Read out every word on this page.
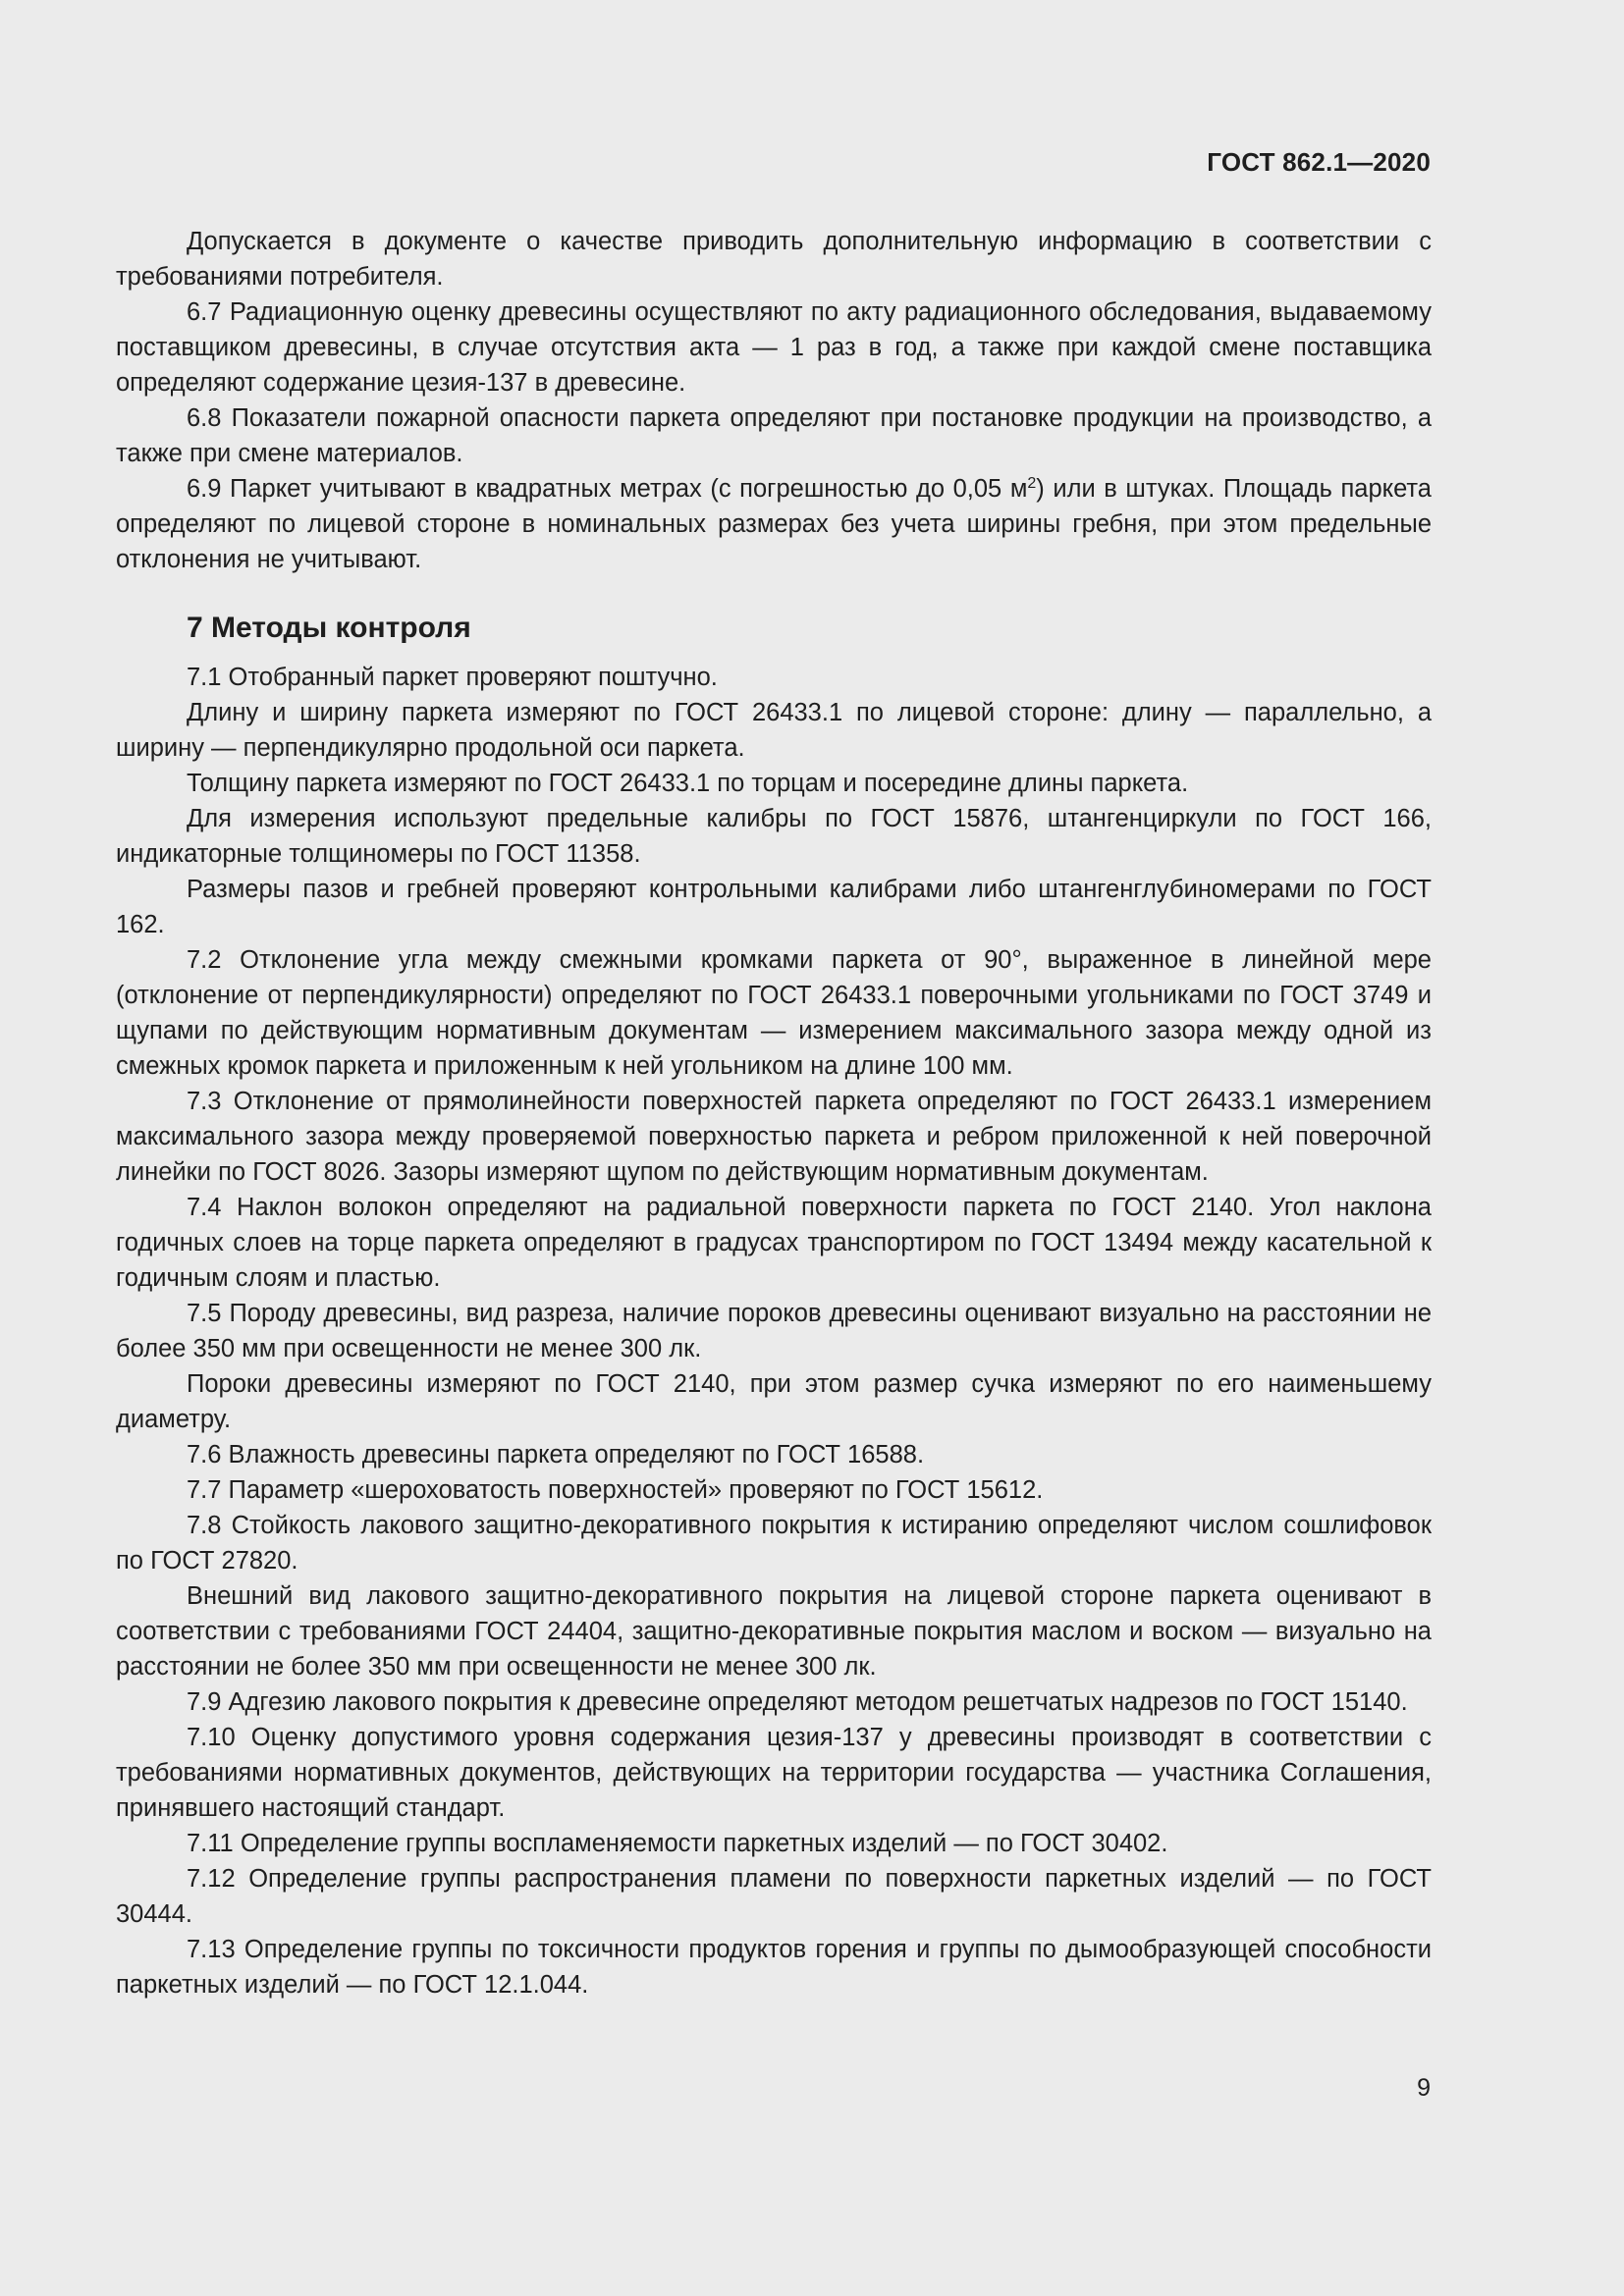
ГОСТ 862.1—2020

Допускается в документе о качестве приводить дополнительную информацию в соответствии с требованиями потребителя.

6.7 Радиационную оценку древесины осуществляют по акту радиационного обследования, выдаваемому поставщиком древесины, в случае отсутствия акта — 1 раз в год, а также при каждой смене поставщика определяют содержание цезия-137 в древесине.

6.8 Показатели пожарной опасности паркета определяют при постановке продукции на производство, а также при смене материалов.

6.9 Паркет учитывают в квадратных метрах (с погрешностью до 0,05 $м^2$) или в штуках. Площадь паркета определяют по лицевой стороне в номинальных размерах без учета ширины гребня, при этом предельные отклонения не учитывают.

7 Методы контроля

7.1 Отобранный паркет проверяют поштучно.

Длину и ширину паркета измеряют по ГОСТ 26433.1 по лицевой стороне: длину — параллельно, а ширину — перпендикулярно продольной оси паркета.

Толщину паркета измеряют по ГОСТ 26433.1 по торцам и посередине длины паркета.

Для измерения используют предельные калибры по ГОСТ 15876, штангенциркули по ГОСТ 166, индикаторные толщиномеры по ГОСТ 11358.

Размеры пазов и гребней проверяют контрольными калибрами либо штангенглубиномерами по ГОСТ 162.

7.2 Отклонение угла между смежными кромками паркета от 90°, выраженное в линейной мере (отклонение от перпендикулярности) определяют по ГОСТ 26433.1 поверочными угольниками по ГОСТ 3749 и щупами по действующим нормативным документам — измерением максимального зазора между одной из смежных кромок паркета и приложенным к ней угольником на длине 100 мм.

7.3 Отклонение от прямолинейности поверхностей паркета определяют по ГОСТ 26433.1 измерением максимального зазора между проверяемой поверхностью паркета и ребром приложенной к ней поверочной линейки по ГОСТ 8026. Зазоры измеряют щупом по действующим нормативным документам.

7.4 Наклон волокон определяют на радиальной поверхности паркета по ГОСТ 2140. Угол наклона годичных слоев на торце паркета определяют в градусах транспортиром по ГОСТ 13494 между касательной к годичным слоям и пластью.

7.5 Породу древесины, вид разреза, наличие пороков древесины оценивают визуально на расстоянии не более 350 мм при освещенности не менее 300 лк.

Пороки древесины измеряют по ГОСТ 2140, при этом размер сучка измеряют по его наименьшему диаметру.

7.6 Влажность древесины паркета определяют по ГОСТ 16588.

7.7 Параметр «шероховатость поверхностей» проверяют по ГОСТ 15612.

7.8 Стойкость лакового защитно-декоративного покрытия к истиранию определяют числом сошлифовок по ГОСТ 27820.

Внешний вид лакового защитно-декоративного покрытия на лицевой стороне паркета оценивают в соответствии с требованиями ГОСТ 24404, защитно-декоративные покрытия маслом и воском — визуально на расстоянии не более 350 мм при освещенности не менее 300 лк.

7.9 Адгезию лакового покрытия к древесине определяют методом решетчатых надрезов по ГОСТ 15140.

7.10 Оценку допустимого уровня содержания цезия-137 у древесины производят в соответствии с требованиями нормативных документов, действующих на территории государства — участника Соглашения, принявшего настоящий стандарт.

7.11 Определение группы воспламеняемости паркетных изделий — по ГОСТ 30402.

7.12 Определение группы распространения пламени по поверхности паркетных изделий — по ГОСТ 30444.

7.13 Определение группы по токсичности продуктов горения и группы по дымообразующей способности паркетных изделий — по ГОСТ 12.1.044.

9
